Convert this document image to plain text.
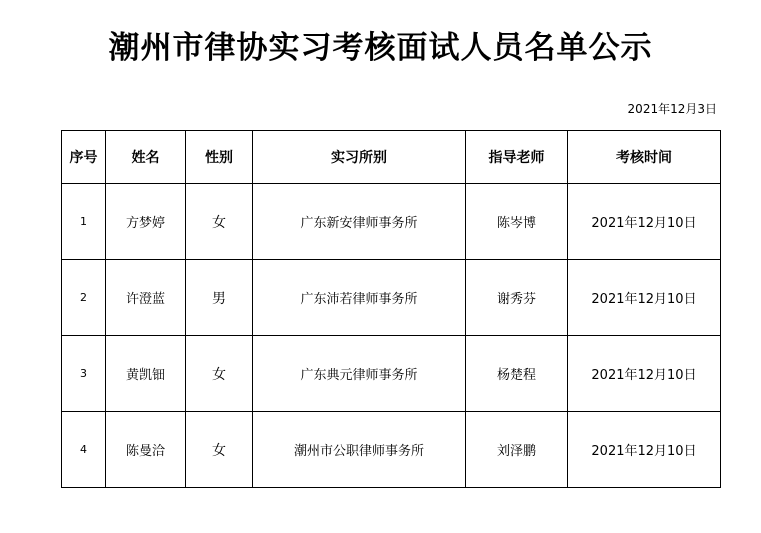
潮州市律协实习考核面试人员名单公示
2021年12月3日
序号	姓名	性别	实习所别	指导老师	考核时间
1	方梦婷	女	广东新安律师事务所	陈岑博	2021年12月10日
2	许澄蓝	男	广东沛若律师事务所	谢秀芬	2021年12月10日
3	黄凯钿	女	广东典元律师事务所	杨楚程	2021年12月10日
4	陈曼洽	女	潮州市公职律师事务所	刘泽鹏	2021年12月10日
